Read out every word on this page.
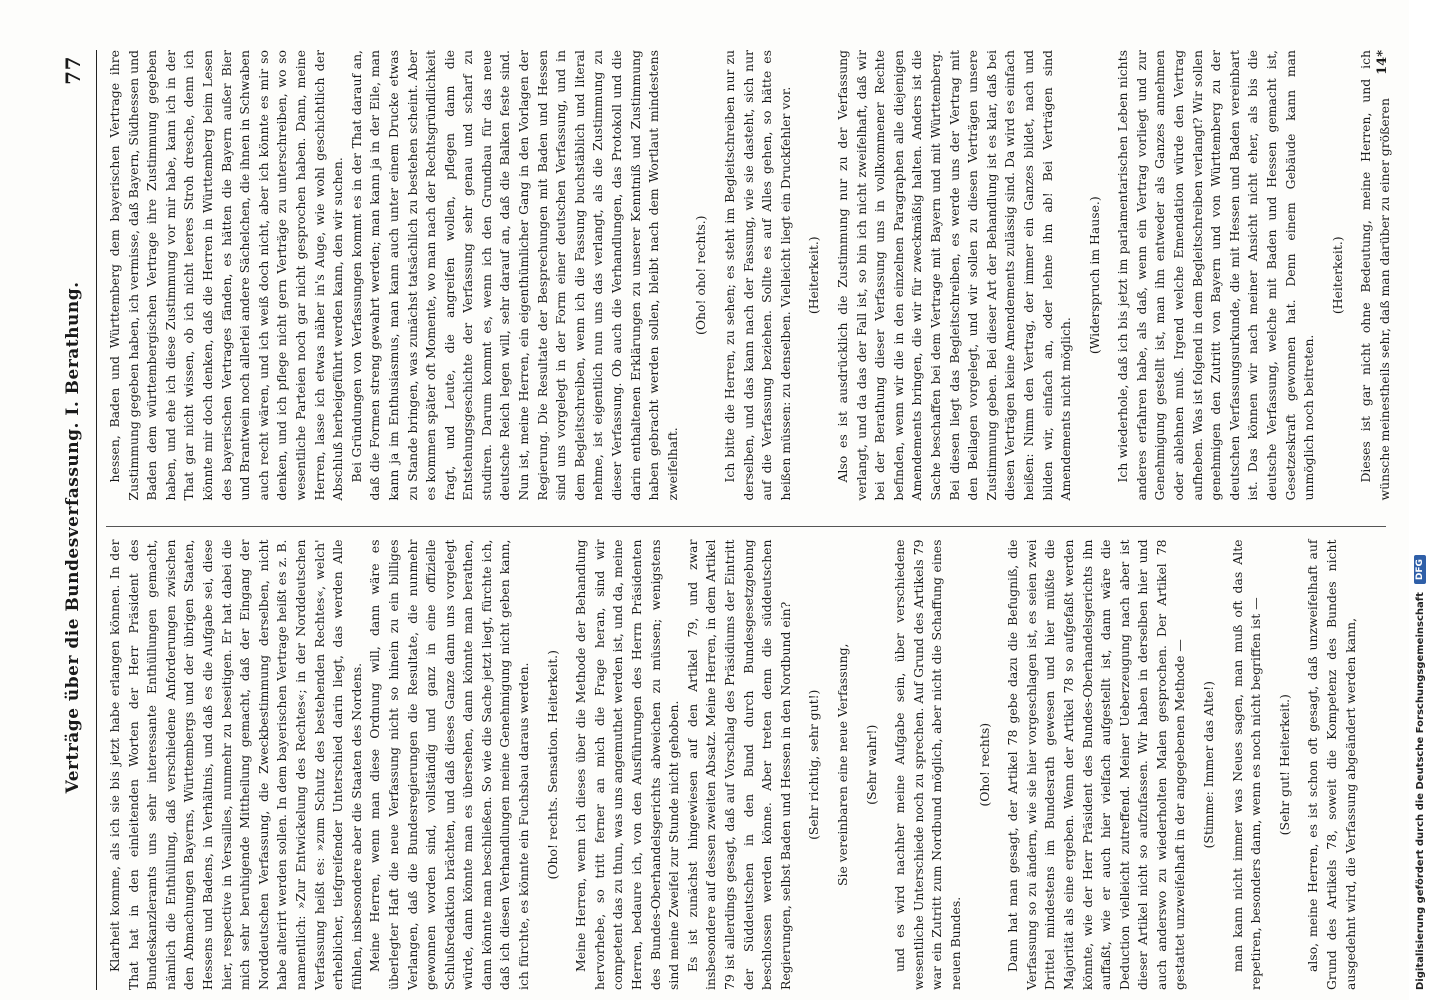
Verträge über die Bundesverfassung. I. Berathung.
77

Klarheit komme, als ich sie bis jetzt habe erlangen können. In der That hat in den einleitenden Worten der Herr Präsident des Bundeskanzleramts uns sehr interessante Enthüllungen gemacht, nämlich die Enthüllung, daß verschiedene Anforderungen zwischen den Abmachungen Bayerns, Württembergs und der übrigen Staaten, Hessens und Badens, in Verhältnis, und daß es die Aufgabe sei, diese hier, respective in Versailles, nunmehr zu beseitigen. Er hat dabei die mich sehr beruhigende Mittheilung gemacht, daß der Eingang der Norddeutschen Verfassung, die Zweckbestimmung derselben, nicht habe alterirt werden sollen. In dem bayerischen Vertrage heißt es z. B. namentlich: »Zur Entwickelung des Rechtes«; in der Norddeutschen Verfassung heißt es: »zum Schutz des bestehenden Rechtes«, welch' erheblicher, tiefgreifender Unterschied darin liegt, das werden Alle fühlen, insbesondere aber die Staaten des Nordens. Meine Herren, wenn man diese Ordnung will, dann wäre es überlegter Haft die neue Verfassung nicht so hinein zu ein billiges Verlangen, daß die Bundesregierungen die Resultate, die nunmehr gewonnen worden sind, vollständig und ganz in eine offizielle Schlußredaktion brächten, und daß dieses Ganze dann uns vorgelegt würde, dann könnte man es übersehen, dann könnte man berathen, dann könnte man beschließen. So wie die Sache jetzt liegt, fürchte ich, daß ich diesen Verhandlungen meine Genehmigung nicht geben kann, ich fürchte, es könnte ein Fuchsbau daraus werden. (Oho! rechts. Sensation. Heiterkeit.) Meine Herren, wenn ich dieses über die Methode der Behandlung hervorhebe, so tritt ferner an mich die Frage heran, sind wir competent das zu thun, was uns angemuthet werden ist, und da, meine Herren, bedaure ich, von den Ausführungen des Herrn Präsidenten des Bundes-Oberhandelsgerichts abweichen zu müssen; wenigstens sind meine Zweifel zur Stunde nicht gehoben. Es ist zunächst hingewiesen auf den Artikel 79, und zwar insbesondere auf dessen zweiten Absatz. Meine Herren, in dem Artikel 79 ist allerdings gesagt, daß auf Vorschlag des Präsidiums der Eintritt der Süddeutschen in den Bund durch Bundesgesetzgebung beschlossen werden könne. Aber treten denn die süddeutschen Regierungen, selbst Baden und Hessen in den Nordbund ein? (Sehr richtig, sehr gut!) Sie vereinbaren eine neue Verfassung, (Sehr wahr!) und es wird nachher meine Aufgabe sein, über verschiedene wesentliche Unterschiede noch zu sprechen. Auf Grund des Artikels 79 war ein Zutritt zum Nordbund möglich, aber nicht die Schaffung eines neuen Bundes.

(Oho! rechts) Dann hat man gesagt, der Artikel 78 gebe dazu die Befugniß, die Verfassung so zu ändern, wie sie hier vorgeschlagen ist, es seien zwei Drittel mindestens im Bundesrath gewesen und hier müßte die Majorität als eine ergeben. Wenn der Artikel 78 so aufgefaßt werden könnte, wie der Herr Präsident des Bundes-Oberhandelsgerichts ihn auffaßt, wie er auch hier vielfach aufgestellt ist, dann wäre die Deduction vielleicht zutreffend. Meiner Ueberzeugung nach aber ist dieser Artikel nicht so aufzufassen. Wir haben in derselben hier und auch anderswo zu wiederholten Malen gesprochen. Der Artikel 78 gestattet unzweifelhaft in der angegebenen Methode — (Stimme: Immer das Alte!) man kann nicht immer was Neues sagen, man muß oft das Alte repetiren, besonders dann, wenn es noch nicht begriffen ist — (Sehr gut! Heiterkeit.) also, meine Herren, es ist schon oft gesagt, daß unzweifelhaft auf Grund des Artikels 78, soweit die Kompetenz des Bundes nicht ausgedehnt wird, die Verfassung abgeändert werden kann,

hessen, Baden und Württemberg dem bayerischen Vertrage ihre Zustimmung gegeben haben, ich vermisse, daß Bayern, Südhessen und Baden dem württembergischen Vertrage ihre Zustimmung gegeben haben, und ehe ich diese Zustimmung vor mir habe, kann ich in der That gar nicht wissen, ob ich nicht leeres Stroh dresche, denn ich könnte mir doch denken, daß die Herren in Württemberg beim Lesen des bayerischen Vertrages fänden, es hätten die Bayern außer Bier und Brantwein noch allerlei andere Sächelchen, die ihnen in Schwaben auch recht wären, und ich weiß doch nicht, aber ich könnte es mir so denken, und ich pflege nicht gern Verträge zu unterschreiben, wo so wesentliche Parteien noch gar nicht gesprochen haben. Dann, meine Herren, lasse ich etwas näher in's Auge, wie wohl geschichtlich der Abschluß herbeigeführt werden kann, den wir suchen. Bei Gründungen von Verfassungen kommt es in der That darauf an, daß die Formen streng gewahrt werden; man kann ja in der Eile, man kann ja im Enthusiasmus, man kann auch unter einem Drucke etwas zu Stande bringen, was zunächst tatsächlich zu bestehen scheint. Aber es kommen später oft Momente, wo man nach der Rechtsgründlichkeit fragt, und Leute, die angreifen wollen, pflegen dann die Entstehungsgeschichte der Verfassung sehr genau und scharf zu studiren. Darum kommt es, wenn ich den Grundbau für das neue deutsche Reich legen will, sehr darauf an, daß die Balken feste sind. Nun ist, meine Herren, ein eigenthümlicher Gang in den Vorlagen der Regierung. Die Resultate der Besprechungen mit Baden und Hessen sind uns vorgelegt in der Form einer deutschen Verfassung, und in dem Begleitschreiben, wenn ich die Fassung buchstäblich und literal nehme, ist eigentlich nun uns das verlangt, als die Zustimmung zu dieser Verfassung. Ob auch die Verhandlungen, das Protokoll und die darin enthaltenen Erklärungen zu unserer Kenntniß und Zustimmung haben gebracht werden sollen, bleibt nach dem Wortlaut mindestens zweifelhaft.

(Oho! oho! rechts.) Ich bitte die Herren, zu sehen; es steht im Begleitschreiben nur zu derselben, und das kann nach der Fassung, wie sie dasteht, sich nur auf die Verfassung beziehen. Sollte es auf Alles gehen, so hätte es heißen müssen: zu denselben. Vielleicht liegt ein Druckfehler vor. (Heiterkeit.) Also es ist ausdrücklich die Zustimmung nur zu der Verfassung verlangt, und da das der Fall ist, so bin ich nicht zweifelhaft, daß wir bei der Berathung dieser Verfassung uns in vollkommener Rechte befinden, wenn wir die in den einzelnen Paragraphen alle diejenigen Amendements bringen, die wir für zweckmäßig halten. Anders ist die Sache beschaffen bei dem Vertrage mit Bayern und mit Württemberg. Bei diesen liegt das Begleitschreiben, es werde uns der Vertrag mit den Beilagen vorgelegt, und wir sollen zu diesen Verträgen unsere Zustimmung geben. Bei dieser Art der Behandlung ist es klar, daß bei diesen Verträgen keine Amendements zulässig sind. Da wird es einfach heißen: Nimm den Vertrag, der immer ein Ganzes bildet, nach und bilden wir, einfach an, oder lehne ihn ab! Bei Verträgen sind Amendements nicht möglich.

(Widerspruch im Hause.) Ich wiederhole, daß ich bis jetzt im parlamentarischen Leben nichts anderes erfahren habe, als daß, wenn ein Vertrag vorliegt und zur Genehmigung gestellt ist, man ihn entweder als Ganzes annehmen oder ablehnen muß. Irgend welche Emendation würde den Vertrag aufheben. Was ist folgend in dem Begleitschreiben verlangt? Wir sollen genehmigen den Zutritt von Bayern und von Württemberg zu der deutschen Verfassungsurkunde, die mit Hessen und Baden vereinbart ist. Das können wir nach meiner Ansicht nicht eher, als bis die deutsche Verfassung, welche mit Baden und Hessen gemacht ist, Gesetzeskraft gewonnen hat. Denn einem Gebäude kann man unmöglich noch beitreten.

(Heiterkeit.) Dieses ist gar nicht ohne Bedeutung, meine Herren, und ich wünsche meinestheils sehr, daß man darüber zu einer größeren

14*
Digitalisierung gefördert durch die Deutsche Forschungsgemeinschaft
DFG
